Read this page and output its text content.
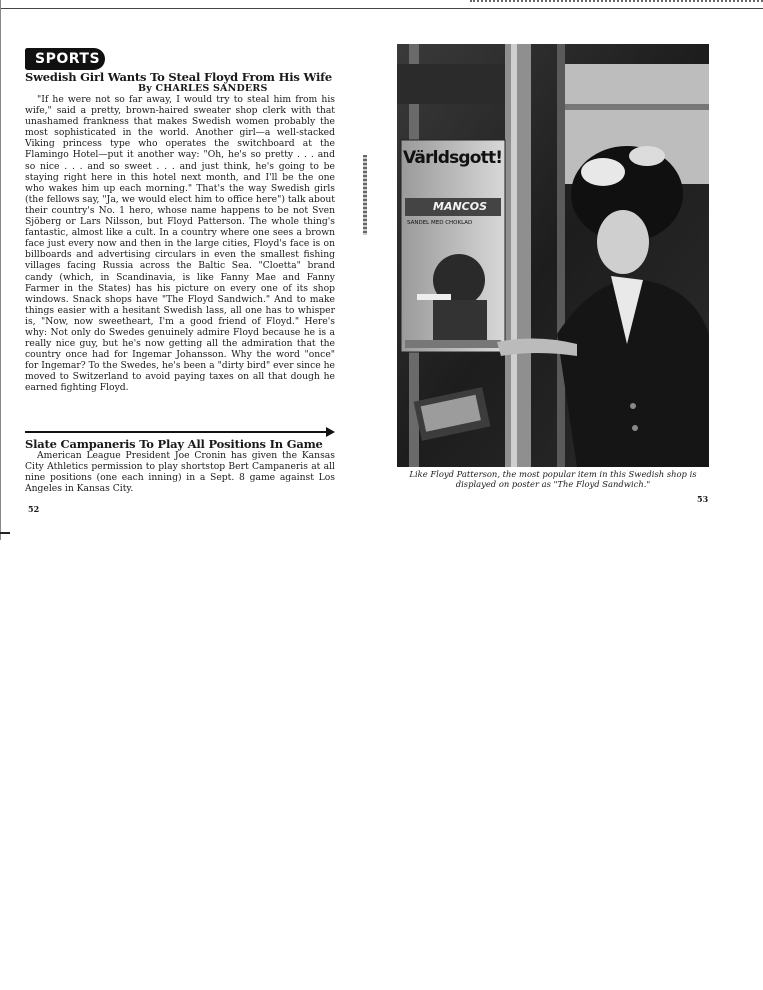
SPORTS
Swedish Girl Wants To Steal Floyd From His Wife
By CHARLES SANDERS

"If he were not so far away, I would try to steal him from his wife," said a pretty, brown-haired sweater shop clerk with that unashamed frankness that makes Swedish women probably the most sophisticated in the world. Another girl—a well-stacked Viking princess type who operates the switchboard at the Flamingo Hotel—put it another way: "Oh, he's so pretty . . . and so nice . . . and so sweet . . . and just think, he's going to be staying right here in this hotel next month, and I'll be the one who wakes him up each morning." That's the way Swedish girls (the fellows say, "Ja, we would elect him to office here") talk about their country's No. 1 hero, whose name happens to be not Sven Sjöberg or Lars Nilsson, but Floyd Patterson. The whole thing's fantastic, almost like a cult. In a country where one sees a brown face just every now and then in the large cities, Floyd's face is on billboards and advertising circulars in even the smallest fishing villages facing Russia across the Baltic Sea. "Cloetta" brand candy (which, in Scandinavia, is like Fanny Mae and Fanny Farmer in the States) has his picture on every one of its shop windows. Snack shops have "The Floyd Sandwich." And to make things easier with a hesitant Swedish lass, all one has to whisper is, "Now, now sweetheart, I'm a good friend of Floyd." Here's why: Not only do Swedes genuinely admire Floyd because he is a really nice guy, but he's now getting all the admiration that the country once had for Ingemar Johansson. Why the word "once" for Ingemar? To the Swedes, he's been a "dirty bird" ever since he moved to Switzerland to avoid paying taxes on all that dough he earned fighting Floyd.

Slate Campaneris To Play All Positions In Game

American League President Joe Cronin has given the Kansas City Athletics permission to play shortstop Bert Campaneris at all nine positions (one each inning) in a Sept. 8 game against Los Angeles in Kansas City.

52
Världsgott!
MANCOS
SANDEL MED CHOKLAD
Like Floyd Patterson, the most popular item in this Swedish shop is displayed on poster as "The Floyd Sandwich."
53
